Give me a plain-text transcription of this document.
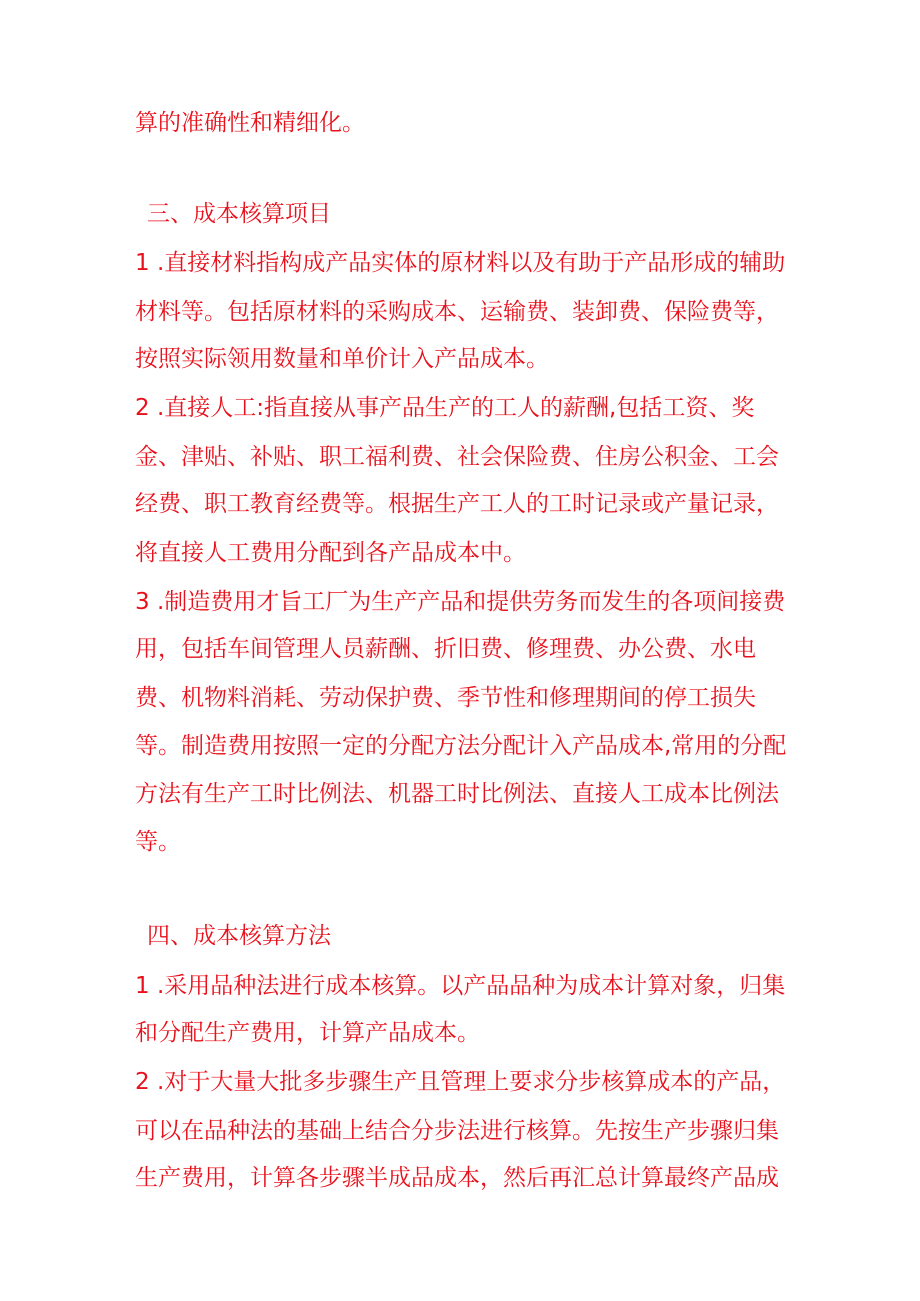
算的准确性和精细化。
三、成本核算项目
1 .直接材料指构成产品实体的原材料以及有助于产品形成的辅助
材料等。包括原材料的采购成本、运输费、装卸费、保险费等，
按照实际领用数量和单价计入产品成本。
2 .直接人工:指直接从事产品生产的工人的薪酬,包括工资、奖
金、津贴、补贴、职工福利费、社会保险费、住房公积金、工会
经费、职工教育经费等。根据生产工人的工时记录或产量记录，
将直接人工费用分配到各产品成本中。
3 .制造费用才旨工厂为生产产品和提供劳务而发生的各项间接费
用，包括车间管理人员薪酬、折旧费、修理费、办公费、水电
费、机物料消耗、劳动保护费、季节性和修理期间的停工损失
等。制造费用按照一定的分配方法分配计入产品成本,常用的分配
方法有生产工时比例法、机器工时比例法、直接人工成本比例法
等。
四、成本核算方法
1 .采用品种法进行成本核算。以产品品种为成本计算对象，归集
和分配生产费用，计算产品成本。
2 .对于大量大批多步骤生产且管理上要求分步核算成本的产品，
可以在品种法的基础上结合分步法进行核算。先按生产步骤归集
生产费用，计算各步骤半成品成本，然后再汇总计算最终产品成
